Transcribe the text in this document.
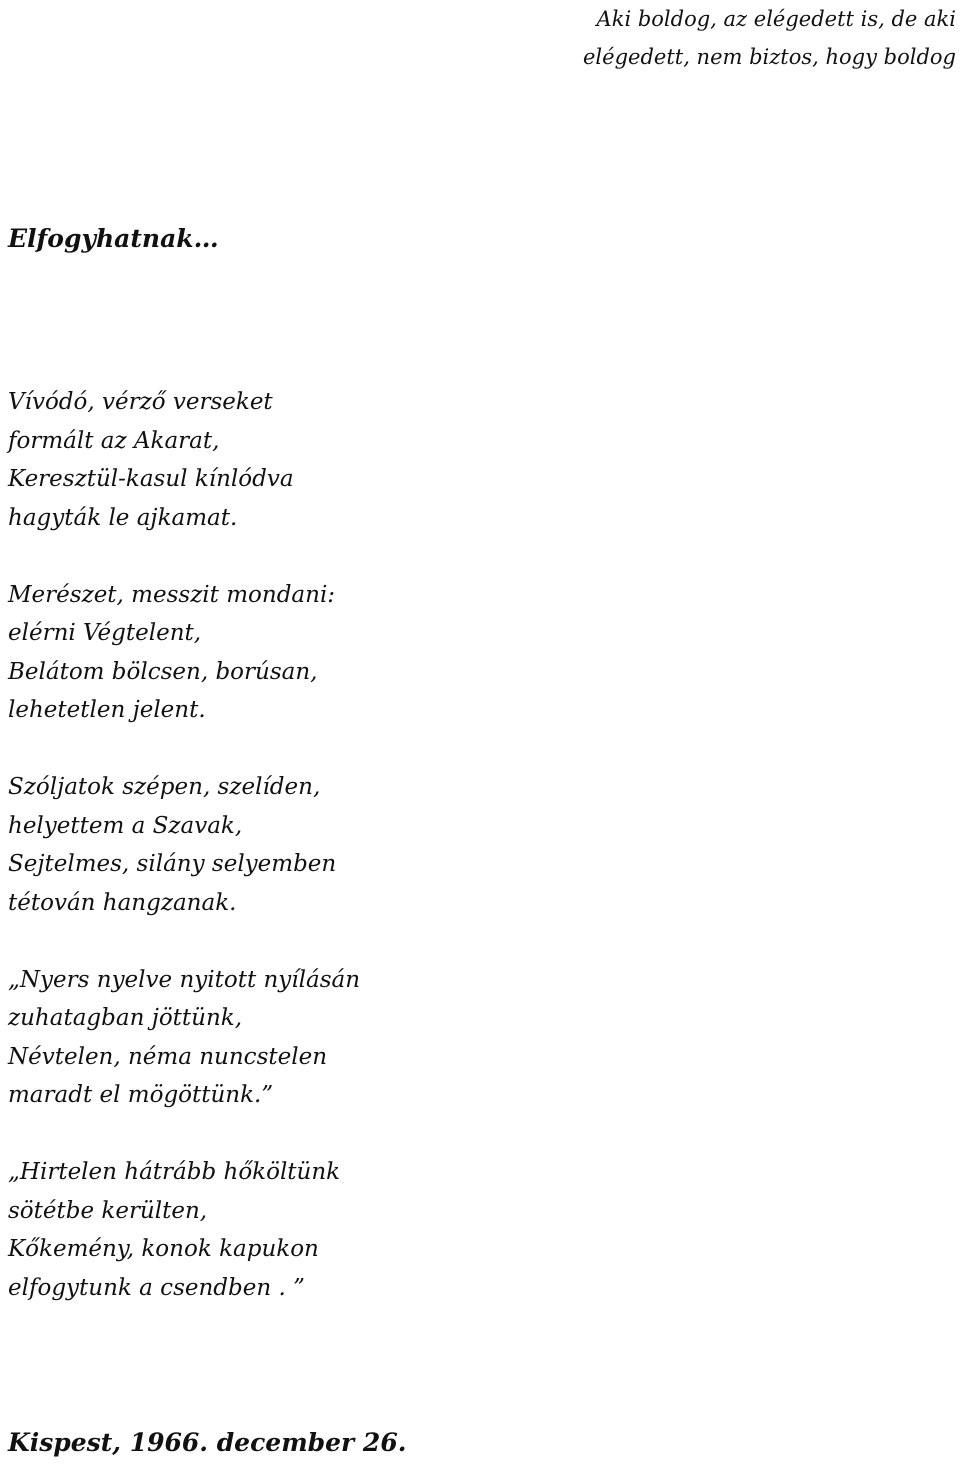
Aki boldog, az elégedett is, de aki
elégedett, nem biztos, hogy boldog
Elfogyhatnak…

Vívódó, vérző verseket
formált az Akarat,
Keresztül-kasul kínlódva
hagyták le ajkamat.

Merészet, messzit mondani:
elérni Végtelent,
Belátom bölcsen, borúsan,
lehetetlen jelent.

Szóljatok szépen, szelíden,
helyettem a Szavak,
Sejtelmes, silány selyemben
tétován hangzanak.

„Nyers nyelve nyitott nyílásán
zuhatagban jöttünk,
Névtelen, néma nuncstelen
maradt el mögöttünk.”

„Hirtelen hátrább hőköltünk
sötétbe kerülten,
Kőkemény, konok kapukon
elfogytunk a csendben . ”

Kispest, 1966. december 26.
